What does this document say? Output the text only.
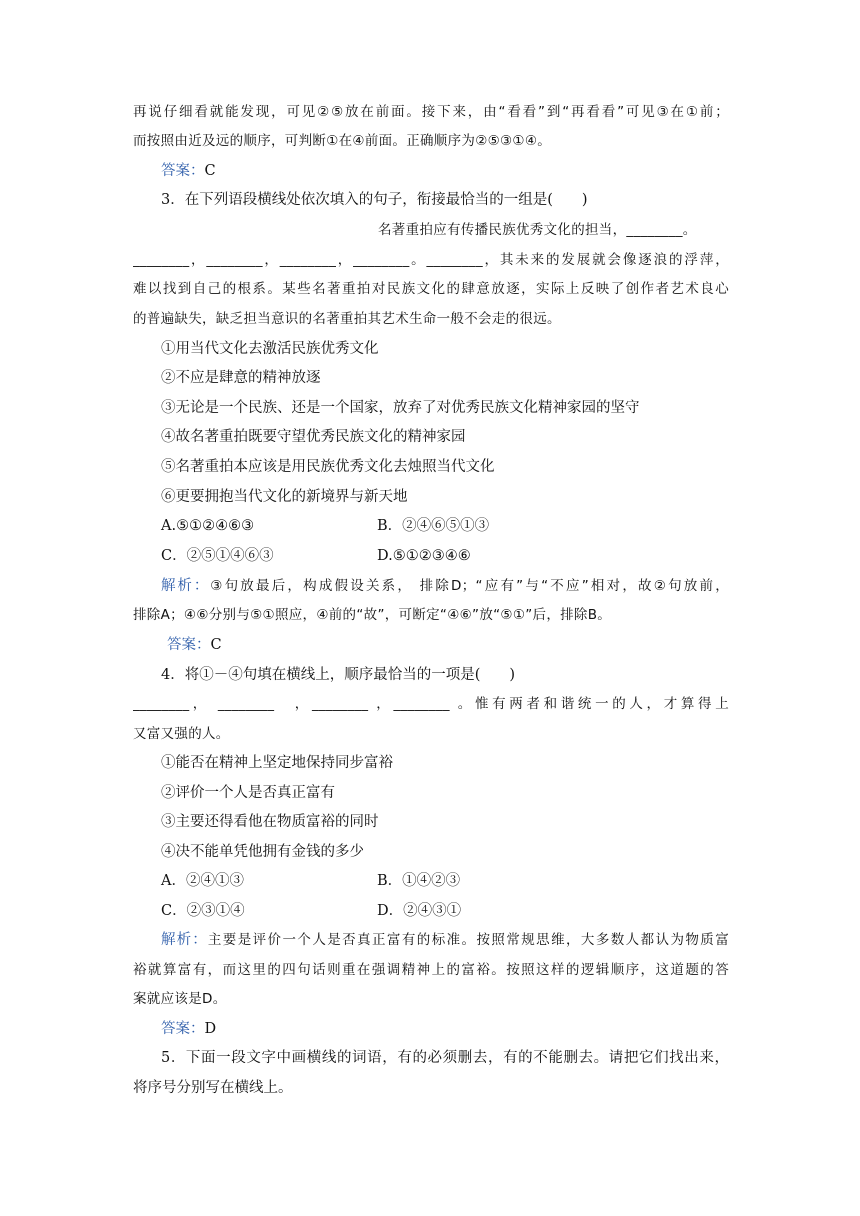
再说仔细看就能发现，可见②⑤放在前面。接下来，由“看看”到“再看看”可见③在①前；
而按照由近及远的顺序，可判断①在④前面。正确顺序为②⑤③①④。
答案：C
3．在下列语段横线处依次填入的句子，衔接最恰当的一组是(　　)
名著重拍应有传播民族优秀文化的担当，________。
________，________，________，________。________，其未来的发展就会像逐浪的浮萍，
难以找到自己的根系。某些名著重拍对民族文化的肆意放逐，实际上反映了创作者艺术良心
的普遍缺失，缺乏担当意识的名著重拍其艺术生命一般不会走的很远。
①用当代文化去激活民族优秀文化
②不应是肆意的精神放逐
③无论是一个民族、还是一个国家，放弃了对优秀民族文化精神家园的坚守
④故名著重拍既要守望优秀民族文化的精神家园
⑤名著重拍本应该是用民族优秀文化去烛照当代文化
⑥更要拥抱当代文化的新境界与新天地
A.⑤①②④⑥③	B．②④⑥⑤①③
C．②⑤①④⑥③	D.⑤①②③④⑥
解析：③句放最后，构成假设关系， 排除D；“应有”与“不应”相对，故②句放前，
排除A；④⑥分别与⑤①照应，④前的“故”，可断定“④⑥”放“⑤①”后，排除B。
答案：C
4．将①－④句填在横线上，顺序最恰当的一项是(　　)
________， ________　，________ ，________ 。惟有两者和谐统一的人，才算得上
又富又强的人。
①能否在精神上坚定地保持同步富裕
②评价一个人是否真正富有
③主要还得看他在物质富裕的同时
④决不能单凭他拥有金钱的多少
A．②④①③	B．①④②③
C．②③①④	D．②④③①
解析：主要是评价一个人是否真正富有的标准。按照常规思维，大多数人都认为物质富
裕就算富有，而这里的四句话则重在强调精神上的富裕。按照这样的逻辑顺序，这道题的答
案就应该是D。
答案：D
5．下面一段文字中画横线的词语，有的必须删去，有的不能删去。请把它们找出来，
将序号分别写在横线上。
